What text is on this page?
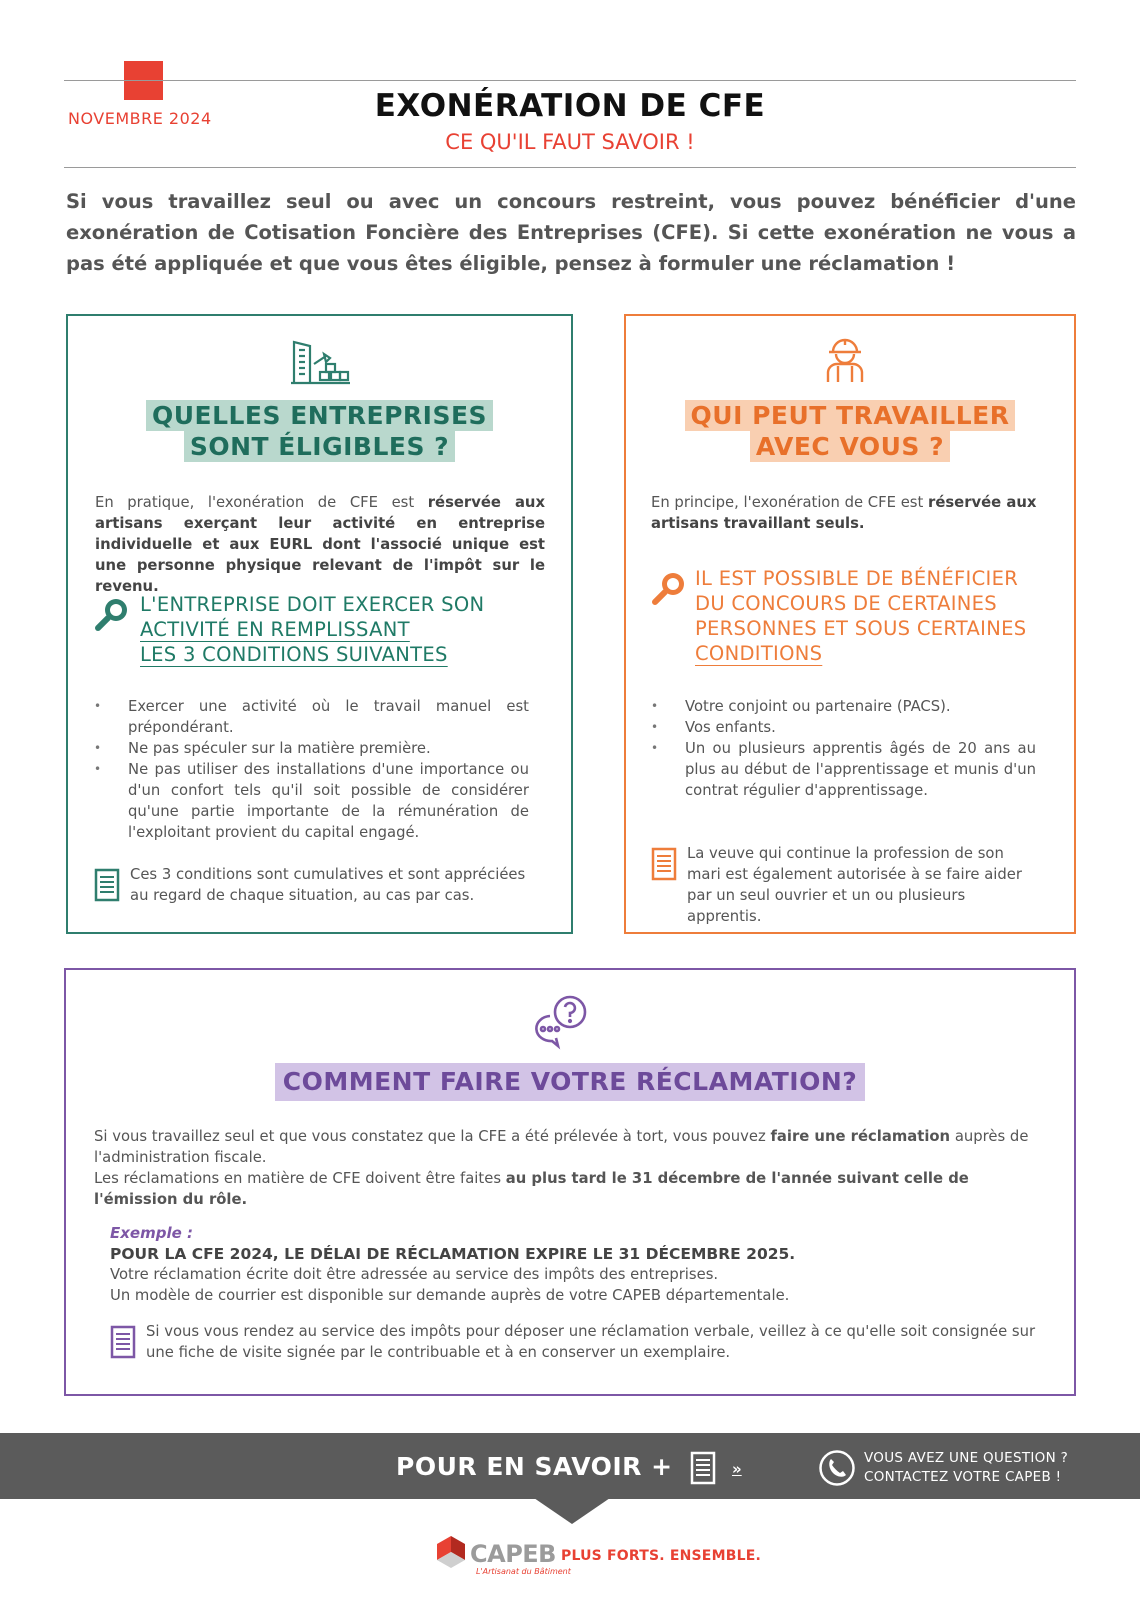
NOVEMBRE 2024	EXONÉRATION DE CFE
CE QU'IL FAUT SAVOIR !
Si vous travaillez seul ou avec un concours restreint, vous pouvez bénéficier d'une exonération de Cotisation Foncière des Entreprises (CFE). Si cette exonération ne vous a pas été appliquée et que vous êtes éligible, pensez à formuler une réclamation !
QUELLES ENTREPRISES
SONT ÉLIGIBLES ?
En pratique, l'exonération de CFE est réservée aux artisans exerçant leur activité en entreprise individuelle et aux EURL dont l'associé unique est une personne physique relevant de l'impôt sur le revenu.
L'ENTREPRISE DOIT EXERCER SON
ACTIVITÉ EN REMPLISSANT
LES 3 CONDITIONS SUIVANTES
• Exercer une activité où le travail manuel est prépondérant.
• Ne pas spéculer sur la matière première.
• Ne pas utiliser des installations d'une importance ou d'un confort tels qu'il soit possible de considérer qu'une partie importante de la rémunération de l'exploitant provient du capital engagé.
Ces 3 conditions sont cumulatives et sont appréciées au regard de chaque situation, au cas par cas.
QUI PEUT TRAVAILLER
AVEC VOUS ?
En principe, l'exonération de CFE est réservée aux artisans travaillant seuls.
IL EST POSSIBLE DE BÉNÉFICIER
DU CONCOURS DE CERTAINES
PERSONNES ET SOUS CERTAINES
CONDITIONS
• Votre conjoint ou partenaire (PACS).
• Vos enfants.
• Un ou plusieurs apprentis âgés de 20 ans au plus au début de l'apprentissage et munis d'un contrat régulier d'apprentissage.
La veuve qui continue la profession de son mari est également autorisée à se faire aider par un seul ouvrier et un ou plusieurs apprentis.
COMMENT FAIRE VOTRE RÉCLAMATION?
Si vous travaillez seul et que vous constatez que la CFE a été prélevée à tort, vous pouvez faire une réclamation auprès de l'administration fiscale.
Les réclamations en matière de CFE doivent être faites au plus tard le 31 décembre de l'année suivant celle de l'émission du rôle.
Exemple :
POUR LA CFE 2024, LE DÉLAI DE RÉCLAMATION EXPIRE LE 31 DÉCEMBRE 2025.
Votre réclamation écrite doit être adressée au service des impôts des entreprises.
Un modèle de courrier est disponible sur demande auprès de votre CAPEB départementale.
Si vous vous rendez au service des impôts pour déposer une réclamation verbale, veillez à ce qu'elle soit consignée sur une fiche de visite signée par le contribuable et à en conserver un exemplaire.
POUR EN SAVOIR +	»
VOUS AVEZ UNE QUESTION ?
CONTACTEZ VOTRE CAPEB !
CAPEB
L'Artisanat du Bâtiment
PLUS FORTS. ENSEMBLE.
